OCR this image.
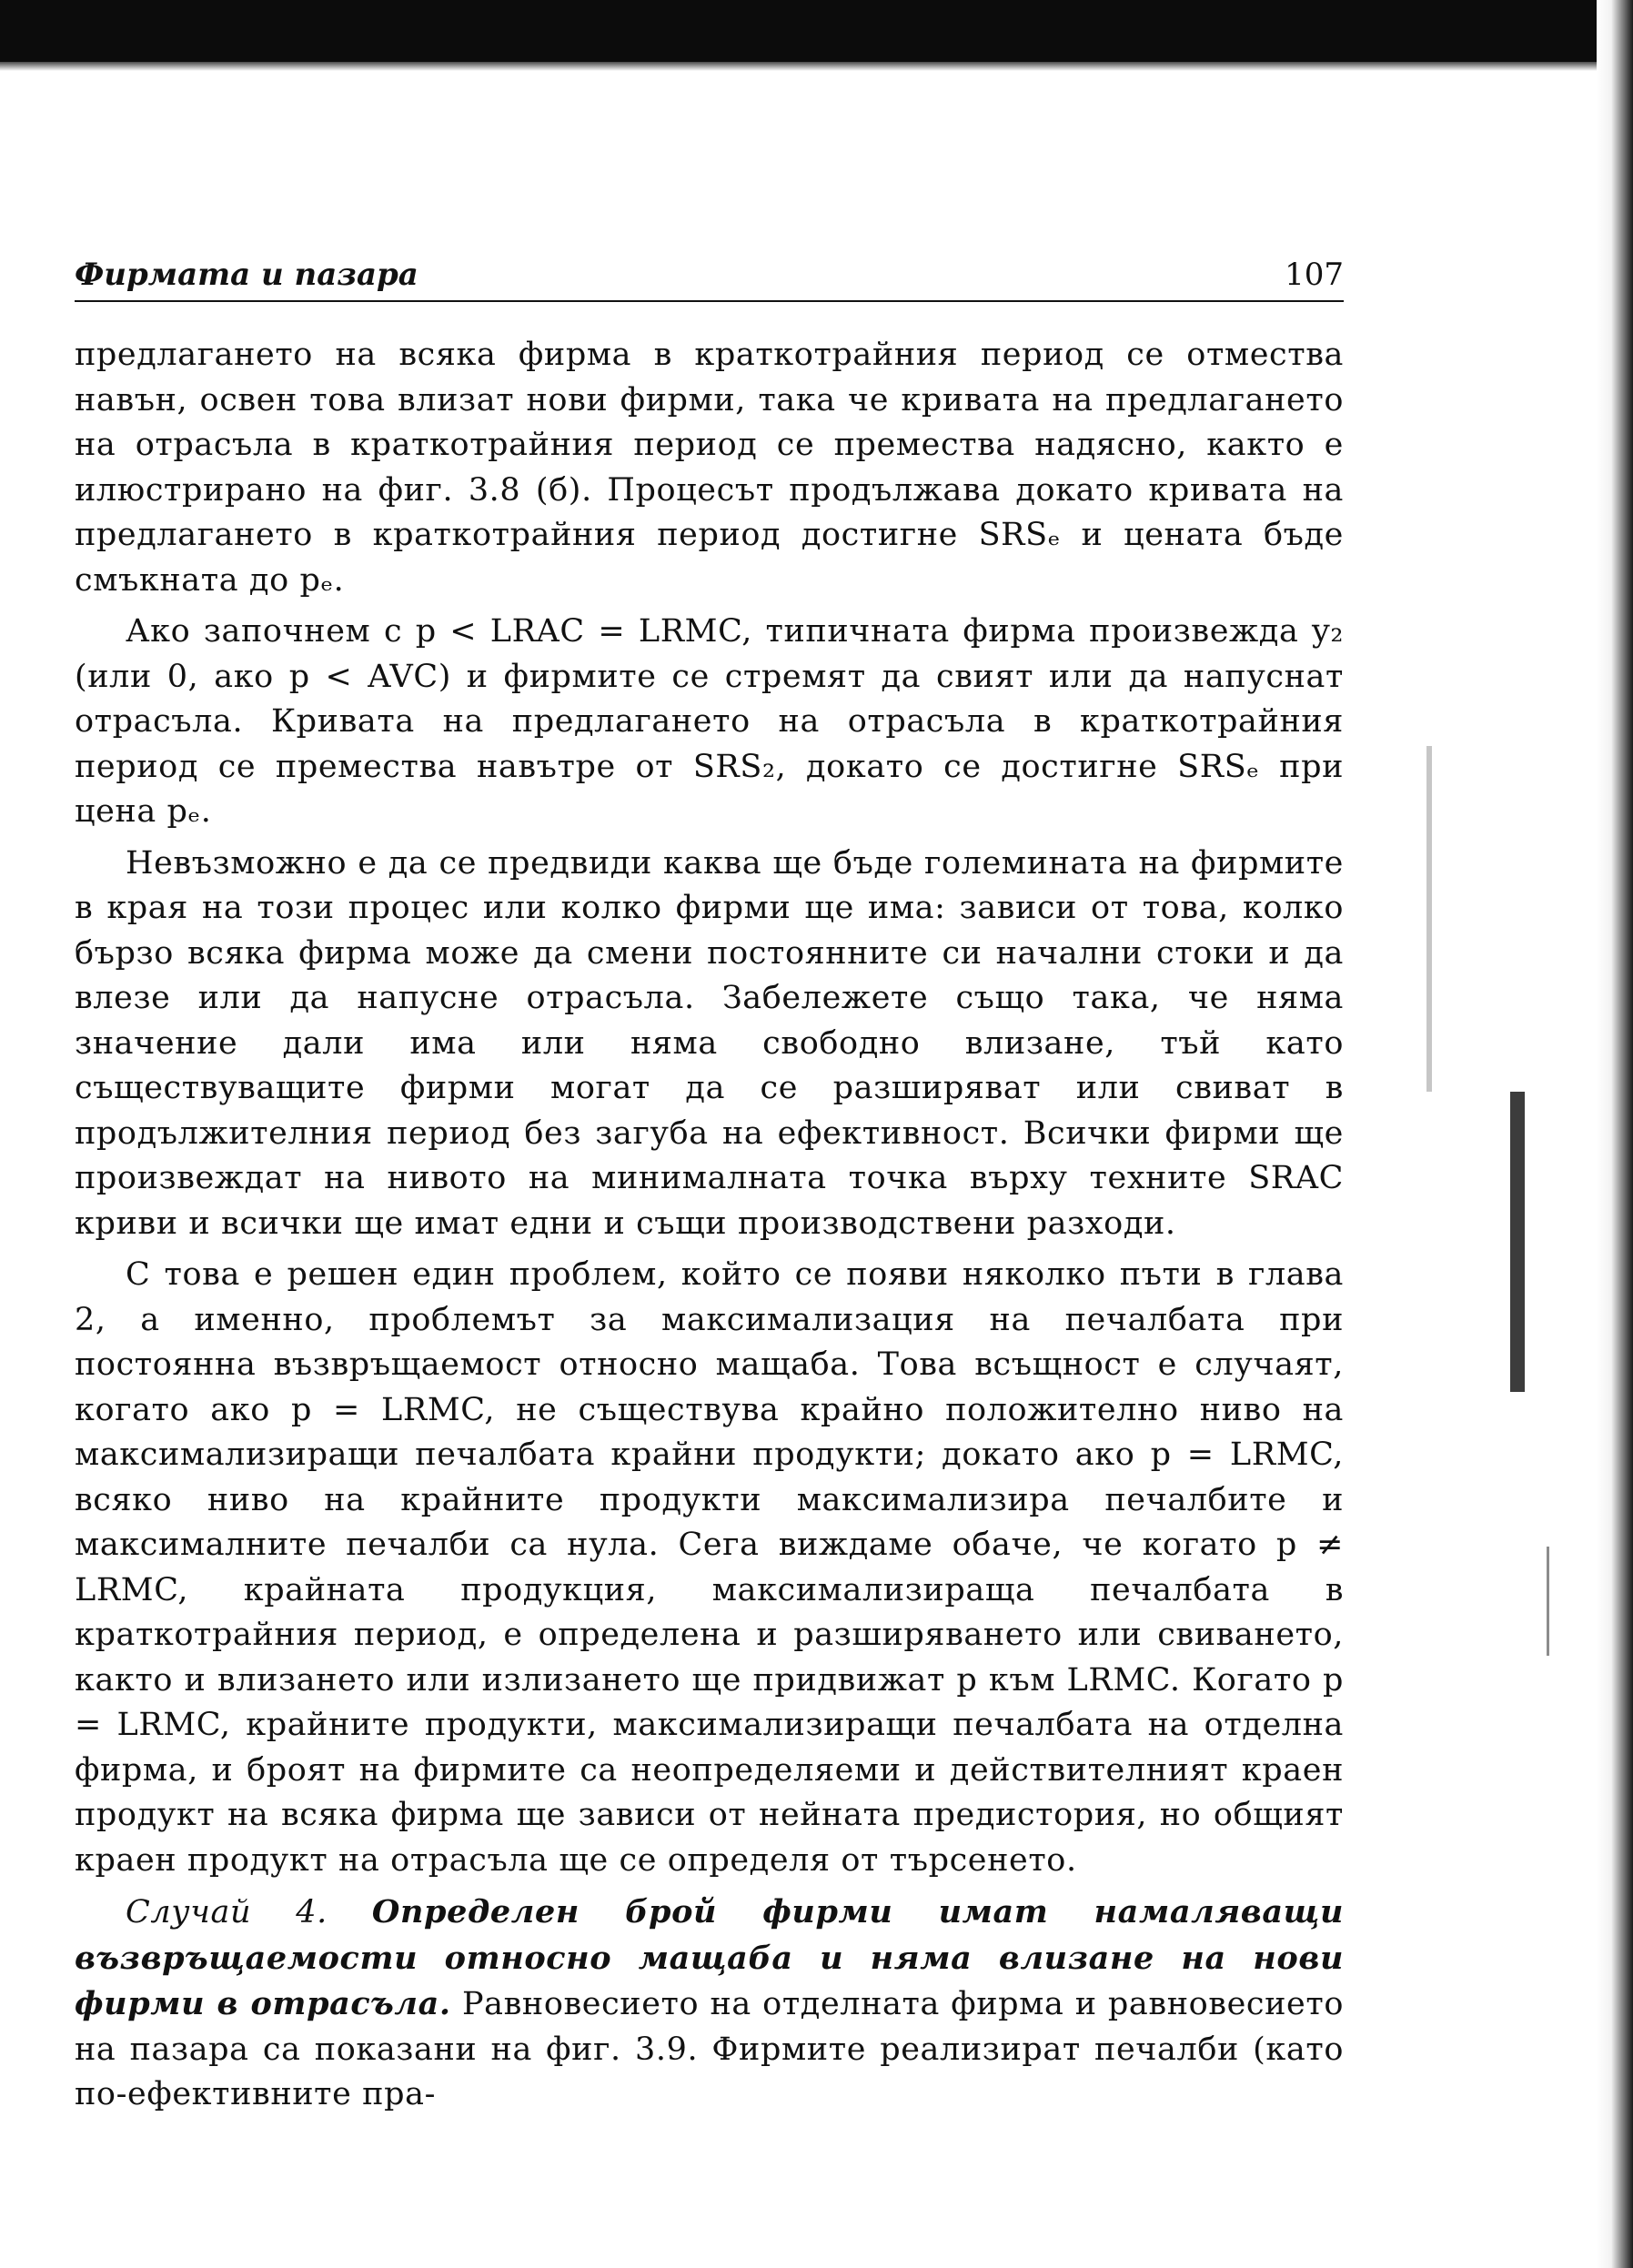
Фирмата и пазара	107

предлагането на всяка фирма в краткотрайния период се отмества навън, освен това влизат нови фирми, така че кривата на предлагането на отрасъла в краткотрайния период се премества надясно, както е илюстрирано на фиг. 3.8 (б). Процесът продължава докато кривата на предлагането в краткотрайния период достигне SRSₑ и цената бъде смъкната до pₑ.

Ако започнем с p < LRAC = LRMC, типичната фирма произвежда y₂ (или 0, ако p < AVC) и фирмите се стремят да свият или да напуснат отрасъла. Кривата на предлагането на отрасъла в краткотрайния период се премества навътре от SRS₂, докато се достигне SRSₑ при цена pₑ.

Невъзможно е да се предвиди каква ще бъде големината на фирмите в края на този процес или колко фирми ще има: зависи от това, колко бързо всяка фирма може да смени постоянните си начални стоки и да влезе или да напусне отрасъла. Забележете също така, че няма значение дали има или няма свободно влизане, тъй като съществуващите фирми могат да се разширяват или свиват в продължителния период без загуба на ефективност. Всички фирми ще произвеждат на нивото на минималната точка върху техните SRAC криви и всички ще имат едни и същи производствени разходи.

С това е решен един проблем, който се появи няколко пъти в глава 2, а именно, проблемът за максимализация на печалбата при постоянна възвръщаемост относно мащаба. Това всъщност е случаят, когато ако p = LRMC, не съществува крайно положително ниво на максимализиращи печалбата крайни продукти; докато ако p = LRMC, всяко ниво на крайните продукти максимализира печалбите и максималните печалби са нула. Сега виждаме обаче, че когато p ≠ LRMC, крайната продукция, максимализираща печалбата в краткотрайния период, е определена и разширяването или свиването, както и влизането или излизането ще придвижат p към LRMC. Когато p = LRMC, крайните продукти, максимализиращи печалбата на отделна фирма, и броят на фирмите са неопределяеми и действителният краен продукт на всяка фирма ще зависи от нейната предистория, но общият краен продукт на отрасъла ще се определя от търсенето.

Случай 4. Определен брой фирми имат намаляващи възвръщаемости относно мащаба и няма влизане на нови фирми в отрасъла. Равновесието на отделната фирма и равновесието на пазара са показани на фиг. 3.9. Фирмите реализират печалби (като по-ефективните пра-
